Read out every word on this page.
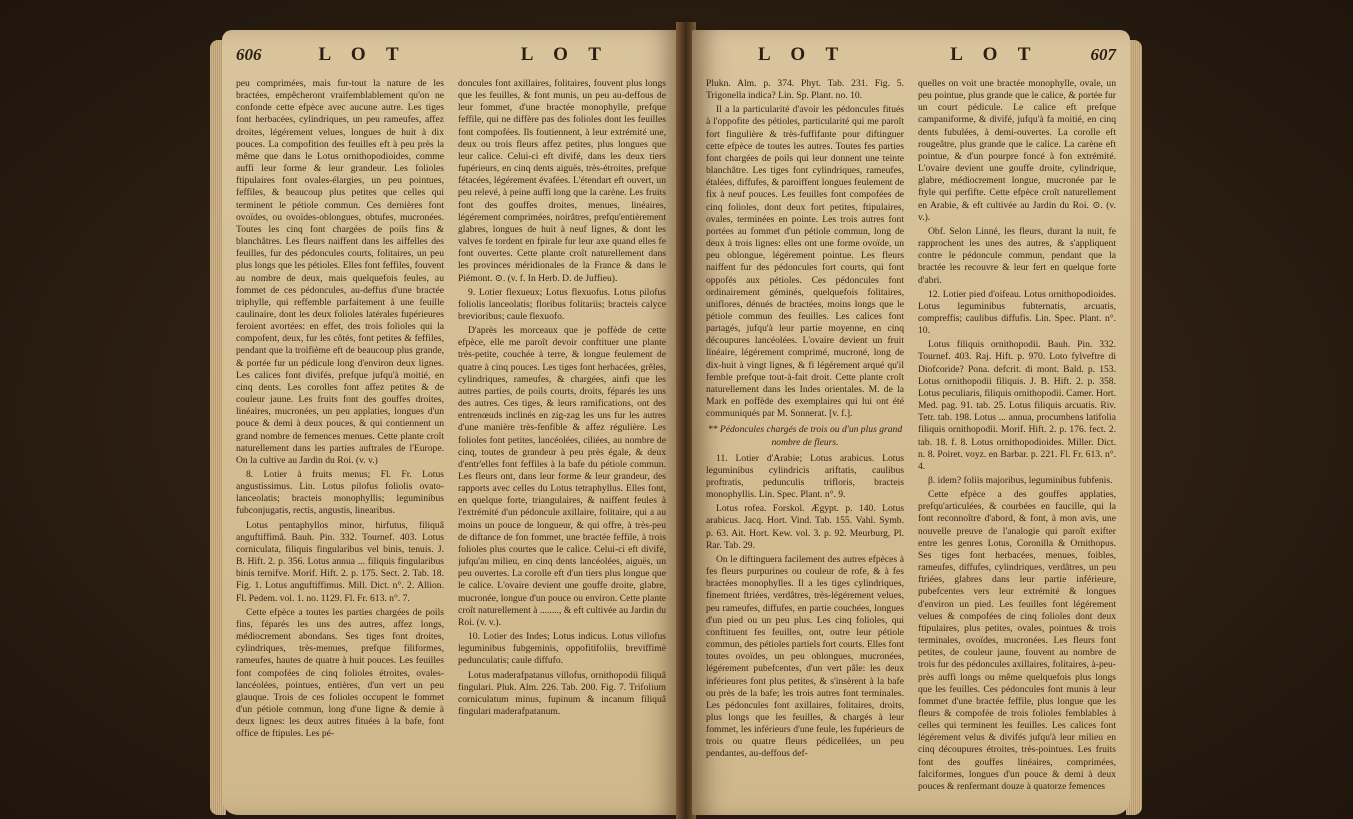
606	L O T	L O T

peu comprimées, mais fur-tout la nature de les bractées, empêcheront vraifemblablement qu'on ne confonde cette efpèce avec aucune autre. Les tiges font herbacées, cylindriques, un peu rameufes, affez droites, légérement velues, longues de huit à dix pouces. La compofition des feuilles eft à peu près la même que dans le Lotus ornithopodioides, comme auffi leur forme & leur grandeur. Les folioles ftipulaires font ovales-élargies, un peu pointues, feffiles, & beaucoup plus petites que celles qui terminent le pétiole commun. Ces dernières font ovoïdes, ou ovoïdes-oblongues, obtufes, mucronées. Toutes les cinq font chargées de poils fins & blanchâtres. Les fleurs naiffent dans les aiffelles des feuilles, fur des pédoncules courts, folitaires, un peu plus longs que les pétioles. Elles font feffiles, fouvent au nombre de deux, mais quelquefois feules, au fommet de ces pédoncules, au-deffus d'une bractée triphylle, qui reffemble parfaitement à une feuille caulinaire, dont les deux folioles latérales fupérieures feroient avortées: en effet, des trois folioles qui la compofent, deux, fur les côtés, font petites & feffiles, pendant que la troifième eft de beaucoup plus grande, & portée fur un pédicule long d'environ deux lignes. Les calices font divifés, prefque jufqu'à moitié, en cinq dents. Les corolles font affez petites & de couleur jaune. Les fruits font des gouffes droites, linéaires, mucronées, un peu applaties, longues d'un pouce & demi à deux pouces, & qui contiennent un grand nombre de femences menues. Cette plante croît naturellement dans les parties auftrales de l'Europe. On la cultive au Jardin du Roi. (v. v.)

8. Lotier à fruits menus; Fl. Fr. Lotus angustissimus. Lin. Lotus pilofus foliolis ovato-lanceolatis; bracteis monophyllis; leguminibus fubconjugatis, rectis, angustis, linearibus.

Lotus pentaphyllos minor, hirfutus, filiquâ anguftiffimâ. Bauh. Pin. 332. Tournef. 403. Lotus corniculata, filiquis fingularibus vel binis, tenuis. J. B. Hift. 2. p. 356. Lotus annua ... filiquis fingularibus binis ternifve. Morif. Hift. 2. p. 175. Sect. 2. Tab. 18. Fig. 1. Lotus anguftiffimus. Mill. Dict. n°. 2. Allion. Fl. Pedem. vol. 1. no. 1129. Fl. Fr. 613. n°. 7.

Cette efpèce a toutes les parties chargées de poils fins, féparés les uns des autres, affez longs, médiocrement abondans. Ses tiges font droites, cylindriques, très-menues, prefque filiformes, rameufes, hautes de quatre à huit pouces. Les feuilles font compofées de cinq folioles étroites, ovales-lancéolées, pointues, entières, d'un vert un peu glauque. Trois de ces folioles occupent le fommet d'un pétiole commun, long d'une ligne & demie à deux lignes: les deux autres fituées à la bafe, font office de ftipules. Les pé-

doncules font axillaires, folitaires, fouvent plus longs que les feuilles, & font munis, un peu au-deffous de leur fommet, d'une bractée monophylle, prefque feffile, qui ne diffère pas des folioles dont les feuilles font compofées. Ils foutiennent, à leur extrémité une, deux ou trois fleurs affez petites, plus longues que leur calice. Celui-ci eft divifé, dans les deux tiers fupérieurs, en cinq dents aiguës, très-étroites, prefque fétacées, légérement évafées. L'étendart eft ouvert, un peu relevé, à peine auffi long que la carène. Les fruits font des gouffes droites, menues, linéaires, légérement comprimées, noirâtres, prefqu'entièrement glabres, longues de huit à neuf lignes, & dont les valves fe tordent en fpirale fur leur axe quand elles fe font ouvertes. Cette plante croît naturellement dans les provinces méridionales de la France & dans le Piémont. ⊙. (v. f. In Herb. D. de Juffieu).

9. Lotier flexueux; Lotus flexuofus. Lotus pilofus foliolis lanceolatis; floribus folitariis; bracteis calyce brevioribus; caule flexuofo.

D'après les morceaux que je poffède de cette efpèce, elle me paroît devoir conftituer une plante très-petite, couchée à terre, & longue feulement de quatre à cinq pouces. Les tiges font herbacées, grêles, cylindriques, rameufes, & chargées, ainfi que les autres parties, de poils courts, droits, féparés les uns des autres. Ces tiges, & leurs ramifications, ont des entrenœuds inclinés en zig-zag les uns fur les autres d'une manière très-fenfible & affez régulière. Les folioles font petites, lancéolées, ciliées, au nombre de cinq, toutes de grandeur à peu près égale, & deux d'entr'elles font feffiles à la bafe du pétiole commun. Les fleurs ont, dans leur forme & leur grandeur, des rapports avec celles du Lotus tetraphyllus. Elles font, en quelque forte, triangulaires, & naiffent feules à l'extrémité d'un pédoncule axillaire, folitaire, qui a au moins un pouce de longueur, & qui offre, à très-peu de diftance de fon fommet, une bractée feffile, à trois folioles plus courtes que le calice. Celui-ci eft divifé, jufqu'au milieu, en cinq dents lancéolées, aiguës, un peu ouvertes. La corolle eft d'un tiers plus longue que le calice. L'ovaire devient une gouffe droite, glabre, mucronée, longue d'un pouce ou environ. Cette plante croît naturellement à ........, & eft cultivée au Jardin du Roi. (v. v.).

10. Lotier des Indes; Lotus indicus. Lotus villofus leguminibus fubgeminis, oppofitifoliis, breviffimè pedunculatis; caule diffufo.

Lotus maderafpatanus villofus, ornithopodii filiquâ fingulari. Pluk. Alm. 226. Tab. 200. Fig. 7. Trifolium corniculatum minus, fupinum & incanum filiquâ fingulari maderafpatanum.

L O T	L O T	607

Plukn. Alm. p. 374. Phyt. Tab. 231. Fig. 5. Trigonella indica? Lin. Sp. Plant. no. 10.

Il a la particularité d'avoir les pédoncules fitués à l'oppofite des pétioles, particularité qui me paroît fort fingulière & très-fuffifante pour diftinguer cette efpèce de toutes les autres. Toutes fes parties font chargées de poils qui leur donnent une teinte blanchâtre. Les tiges font cylindriques, rameufes, étalées, diffufes, & paroiffent longues feulement de fix à neuf pouces. Les feuilles font compofées de cinq folioles, dont deux fort petites, ftipulaires, ovales, terminées en pointe. Les trois autres font portées au fommet d'un pétiole commun, long de deux à trois lignes: elles ont une forme ovoïde, un peu oblongue, légérement pointue. Les fleurs naiffent fur des pédoncules fort courts, qui font oppofés aux pétioles. Ces pédoncules font ordinairement géminés, quelquefois folitaires, uniflores, dénués de bractées, moins longs que le pétiole commun des feuilles. Les calices font partagés, jufqu'à leur partie moyenne, en cinq découpures lancéolées. L'ovaire devient un fruit linéaire, légérement comprimé, mucroné, long de dix-huit à vingt lignes, & fi légérement arqué qu'il femble prefque tout-à-fait droit. Cette plante croît naturellement dans les Indes orientales. M. de la Mark en poffède des exemplaires qui lui ont été communiqués par M. Sonnerat. [v. f.].

** Pédoncules chargés de trois ou d'un plus grand nombre de fleurs.

11. Lotier d'Arabie; Lotus arabicus. Lotus leguminibus cylindricis ariftatis, caulibus proftratis, pedunculis trifloris, bracteis monophyllis. Lin. Spec. Plant. n°. 9.

Lotus rofea. Forskol. Ægypt. p. 140. Lotus arabicus. Jacq. Hort. Vind. Tab. 155. Vahl. Symb. p. 63. Ait. Hort. Kew. vol. 3. p. 92. Meurburg, Pl. Rar. Tab. 29.

On le diftinguera facilement des autres efpèces à fes fleurs purpurines ou couleur de rofe, & à fes bractées monophylles. Il a les tiges cylindriques, finement ftriées, verdâtres, très-légérement velues, peu rameufes, diffufes, en partie couchées, longues d'un pied ou un peu plus. Les cinq folioles, qui conftituent fes feuilles, ont, outre leur pétiole commun, des pétioles partiels fort courts. Elles font toutes ovoïdes, un peu oblongues, mucronées, légérement pubefcentes, d'un vert pâle: les deux inférieures font plus petites, & s'insèrent à la bafe ou près de la bafe; les trois autres font terminales. Les pédoncules font axillaires, folitaires, droits, plus longs que les feuilles, & chargés à leur fommet, les inférieurs d'une feule, les fupérieurs de trois ou quatre fleurs pédicellées, un peu pendantes, au-deffous def-

quelles on voit une bractée monophylle, ovale, un peu pointue, plus grande que le calice, & portée fur un court pédicule. Le calice eft prefque campaniforme, & divifé, jufqu'à fa moitié, en cinq dents fubulées, à demi-ouvertes. La corolle eft rougeâtre, plus grande que le calice. La carène eft pointue, & d'un pourpre foncé à fon extrémité. L'ovaire devient une gouffe droite, cylindrique, glabre, médiocrement longue, mucronée par le ftyle qui perfifte. Cette efpèce croît naturellement en Arabie, & eft cultivée au Jardin du Roi. ⊙. (v. v.).

Obf. Selon Linné, les fleurs, durant la nuit, fe rapprochent les unes des autres, & s'appliquent contre le pédoncule commun, pendant que la bractée les recouvre & leur fert en quelque forte d'abri.

12. Lotier pied d'oifeau. Lotus ornithopodioides. Lotus leguminibus fubternatis, arcuatis, compreffis; caulibus diffufis. Lin. Spec. Plant. n°. 10.

Lotus filiquis ornithopodii. Bauh. Pin. 332. Tournef. 403. Raj. Hift. p. 970. Loto fylveftre di Diofcoride? Pona. defcrit. di mont. Bald. p. 153. Lotus ornithopodii filiquis. J. B. Hift. 2. p. 358. Lotus peculiaris, filiquis ornithopodii. Camer. Hort. Med. pag. 91. tab. 25. Lotus filiquis arcuatis. Riv. Tetr. tab. 198. Lotus ... annua, procumbens latifolia filiquis ornithopodii. Morif. Hift. 2. p. 176. fect. 2. tab. 18. f. 8. Lotus ornithopodioides. Miller. Dict. n. 8. Poiret. voyz. en Barbar. p. 221. Fl. Fr. 613. n°. 4.

β. idem? foliis majoribus, leguminibus fubfenis.

Cette efpèce a des gouffes applaties, prefqu'articulées, & courbées en faucille, qui la font reconnoître d'abord, & font, à mon avis, une nouvelle preuve de l'analogie qui paroît exifter entre les genres Lotus, Coronilla & Ornithopus. Ses tiges font herbacées, menues, foibles, rameufes, diffufes, cylindriques, verdâtres, un peu ftriées, glabres dans leur partie inférieure, pubefcentes vers leur extrémité & longues d'environ un pied. Les feuilles font légérement velues & compofées de cinq folioles dont deux ftipulaires, plus petites, ovales, pointues & trois terminales, ovoïdes, mucronées. Les fleurs font petites, de couleur jaune, fouvent au nombre de trois fur des pédoncules axillaires, folitaires, à-peu-près auffi longs ou même quelquefois plus longs que les feuilles. Ces pédoncules font munis à leur fommet d'une bractée feffile, plus longue que les fleurs & compofée de trois folioles femblables à celles qui terminent les feuilles. Les calices font légérement velus & divifés jufqu'à leur milieu en cinq découpures étroites, très-pointues. Les fruits font des gouffes linéaires, comprimées, falciformes, longues d'un pouce & demi à deux pouces & renfermant douze à quatorze femences
